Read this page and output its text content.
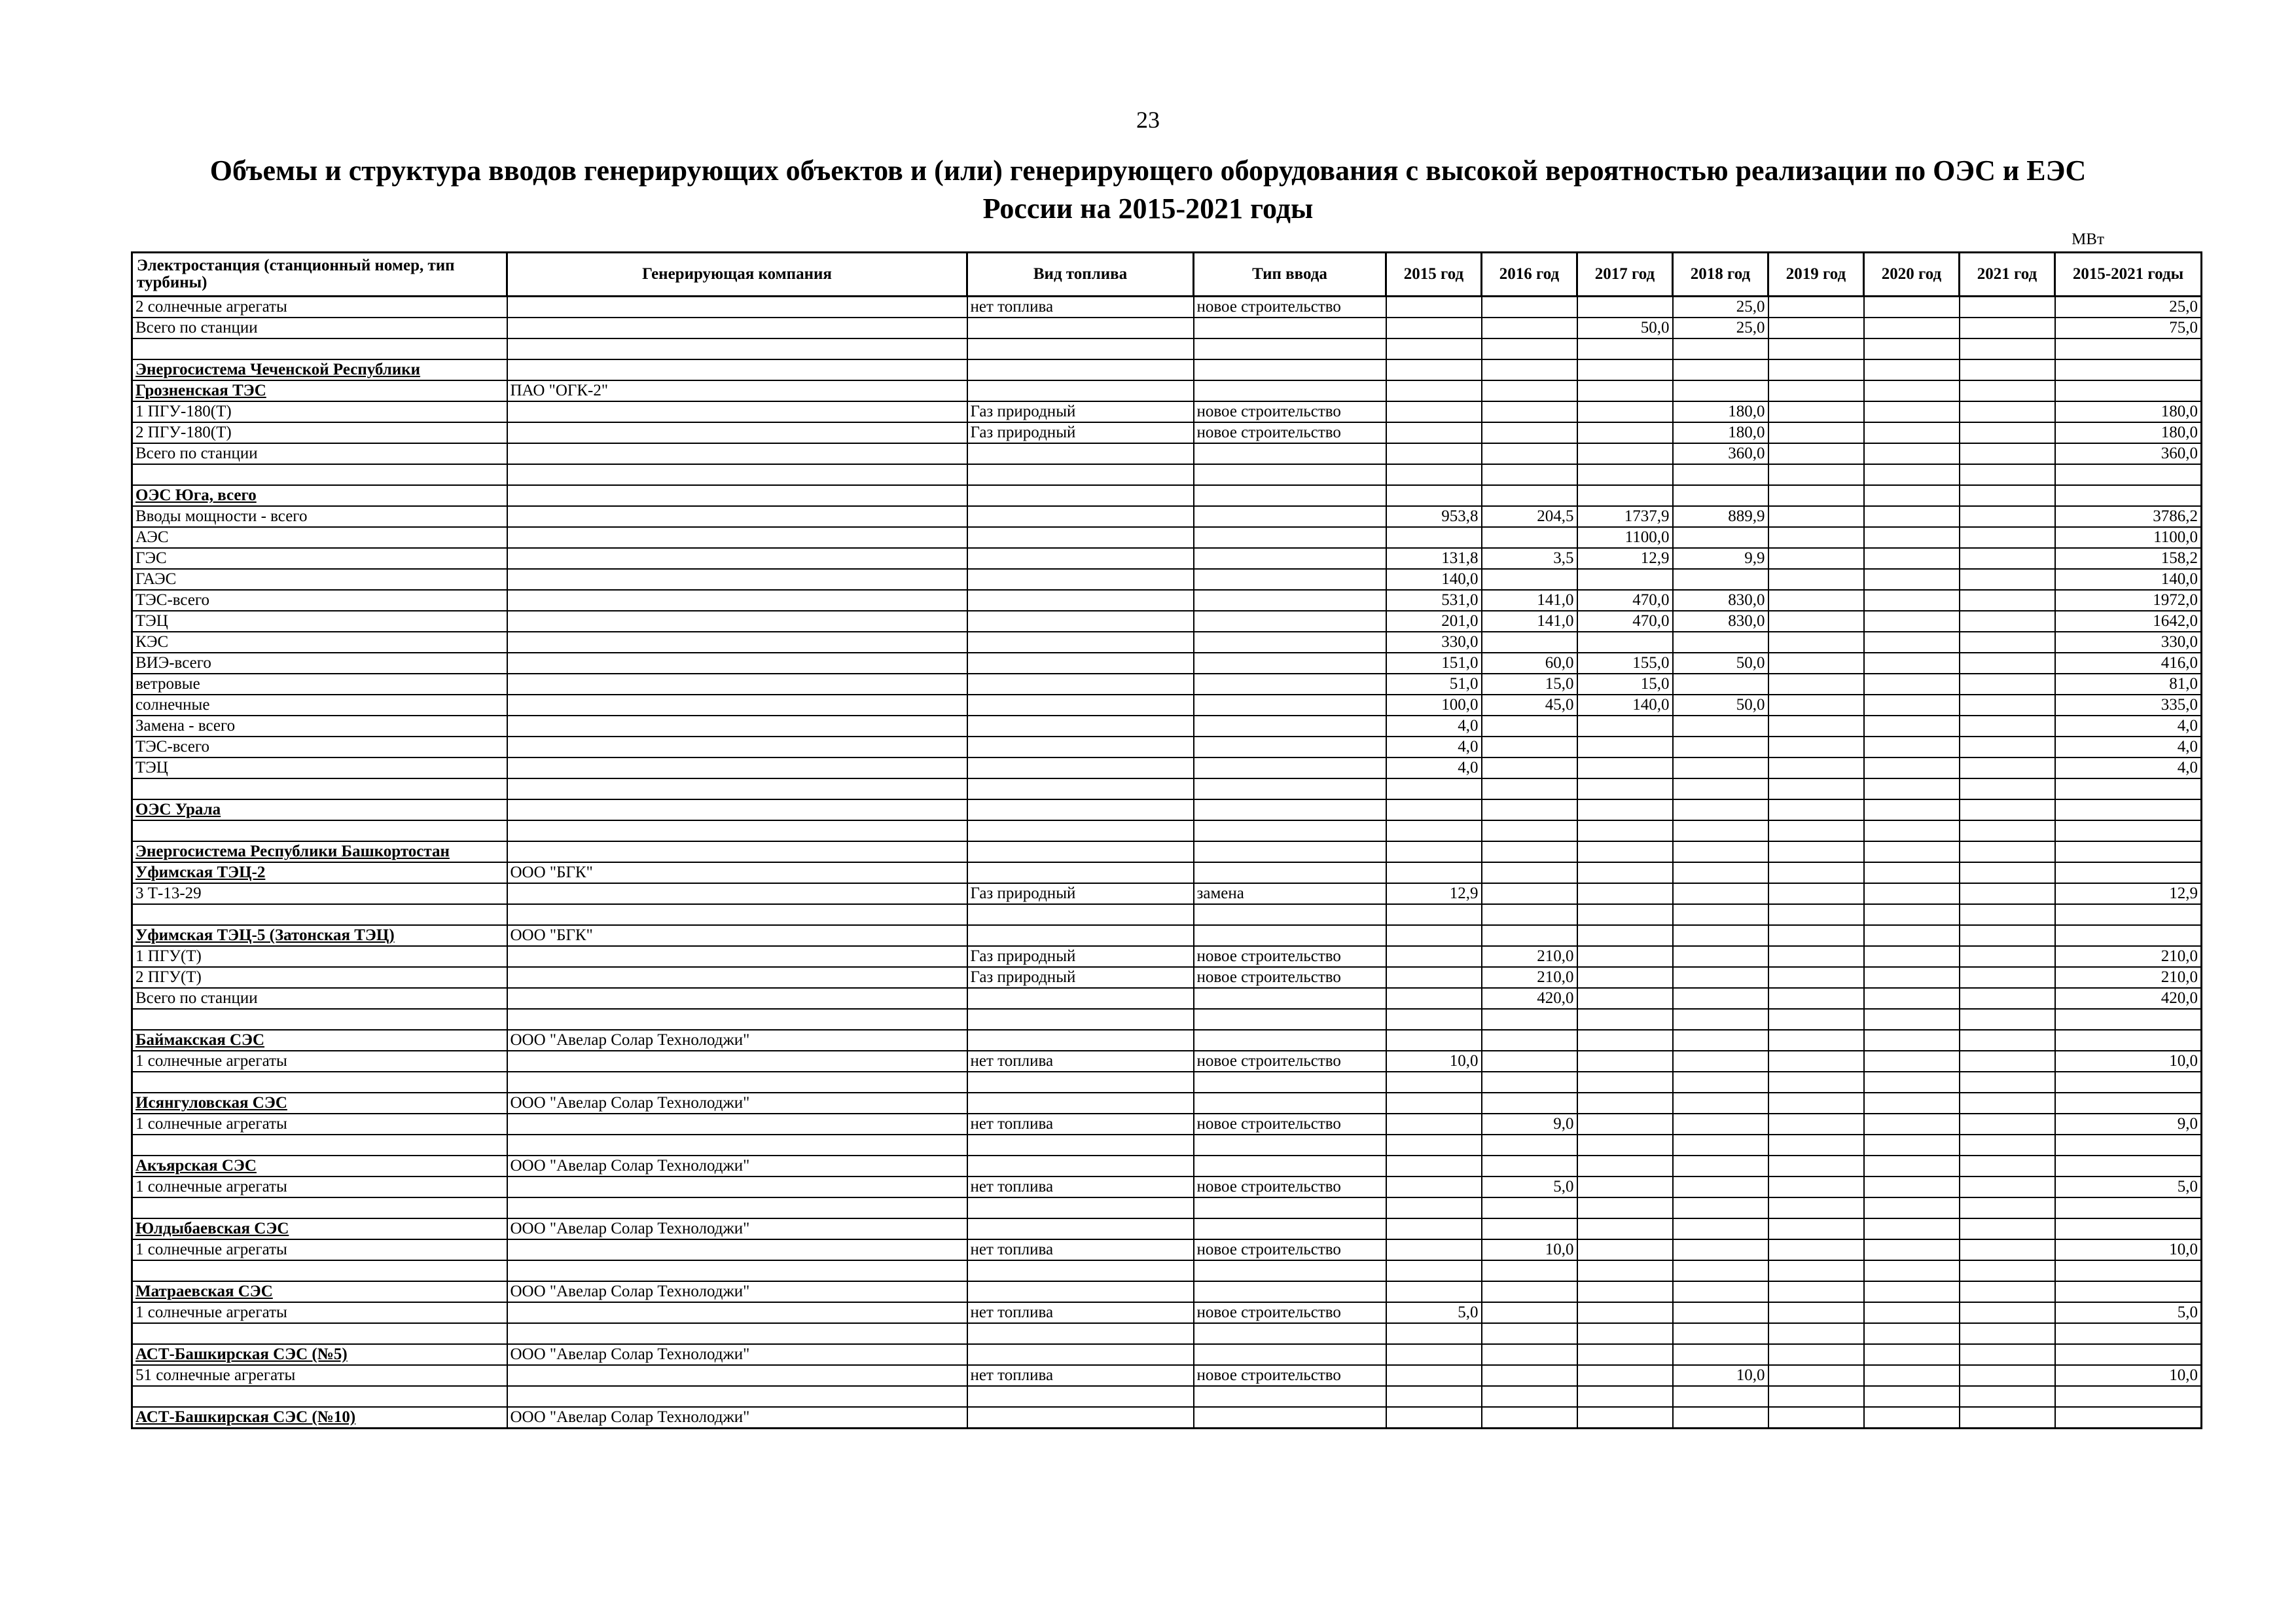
23
Объемы и структура вводов генерирующих объектов и (или) генерирующего оборудования с высокой вероятностью реализации по ОЭС и ЕЭС
России на 2015-2021 годы
МВт
Электростанция (станционный номер, тип турбины)	Генерирующая компания	Вид топлива	Тип ввода	2015 год	2016 год	2017 год	2018 год	2019 год	2020 год	2021 год	2015-2021 годы
2 солнечные агрегаты		нет топлива	новое строительство				25,0				25,0
Всего по станции						50,0	25,0				75,0

Энергосистема Чеченской Республики											
Грозненская ТЭС	ПАО "ОГК-2"										
1 ПГУ-180(Т)		Газ природный	новое строительство				180,0				180,0
2 ПГУ-180(Т)		Газ природный	новое строительство				180,0				180,0
Всего по станции							360,0				360,0

ОЭС Юга, всего											
Вводы мощности - всего				953,8	204,5	1737,9	889,9				3786,2
АЭС						1100,0					1100,0
ГЭС				131,8	3,5	12,9	9,9				158,2
ГАЭС				140,0							140,0
ТЭС-всего				531,0	141,0	470,0	830,0				1972,0
ТЭЦ				201,0	141,0	470,0	830,0				1642,0
КЭС				330,0							330,0
ВИЭ-всего				151,0	60,0	155,0	50,0				416,0
ветровые				51,0	15,0	15,0					81,0
солнечные				100,0	45,0	140,0	50,0				335,0
Замена - всего				4,0							4,0
ТЭС-всего				4,0							4,0
ТЭЦ				4,0							4,0

ОЭС Урала											

Энергосистема Республики Башкортостан											
Уфимская ТЭЦ-2	ООО "БГК"										
3 Т-13-29		Газ природный	замена	12,9							12,9

Уфимская ТЭЦ-5 (Затонская ТЭЦ)	ООО "БГК"										
1 ПГУ(Т)		Газ природный	новое строительство		210,0						210,0
2 ПГУ(Т)		Газ природный	новое строительство		210,0						210,0
Всего по станции					420,0						420,0

Баймакская СЭС	ООО "Авелар Солар Технолоджи"										
1 солнечные агрегаты		нет топлива	новое строительство	10,0							10,0

Исянгуловская СЭС	ООО "Авелар Солар Технолоджи"										
1 солнечные агрегаты		нет топлива	новое строительство		9,0						9,0

Акъярская СЭС	ООО "Авелар Солар Технолоджи"										
1 солнечные агрегаты		нет топлива	новое строительство		5,0						5,0

Юлдыбаевская СЭС	ООО "Авелар Солар Технолоджи"										
1 солнечные агрегаты		нет топлива	новое строительство		10,0						10,0

Матраевская СЭС	ООО "Авелар Солар Технолоджи"										
1 солнечные агрегаты		нет топлива	новое строительство	5,0							5,0

АСТ-Башкирская СЭС (№5)	ООО "Авелар Солар Технолоджи"										
51 солнечные агрегаты		нет топлива	новое строительство				10,0				10,0

АСТ-Башкирская СЭС (№10)	ООО "Авелар Солар Технолоджи"										
